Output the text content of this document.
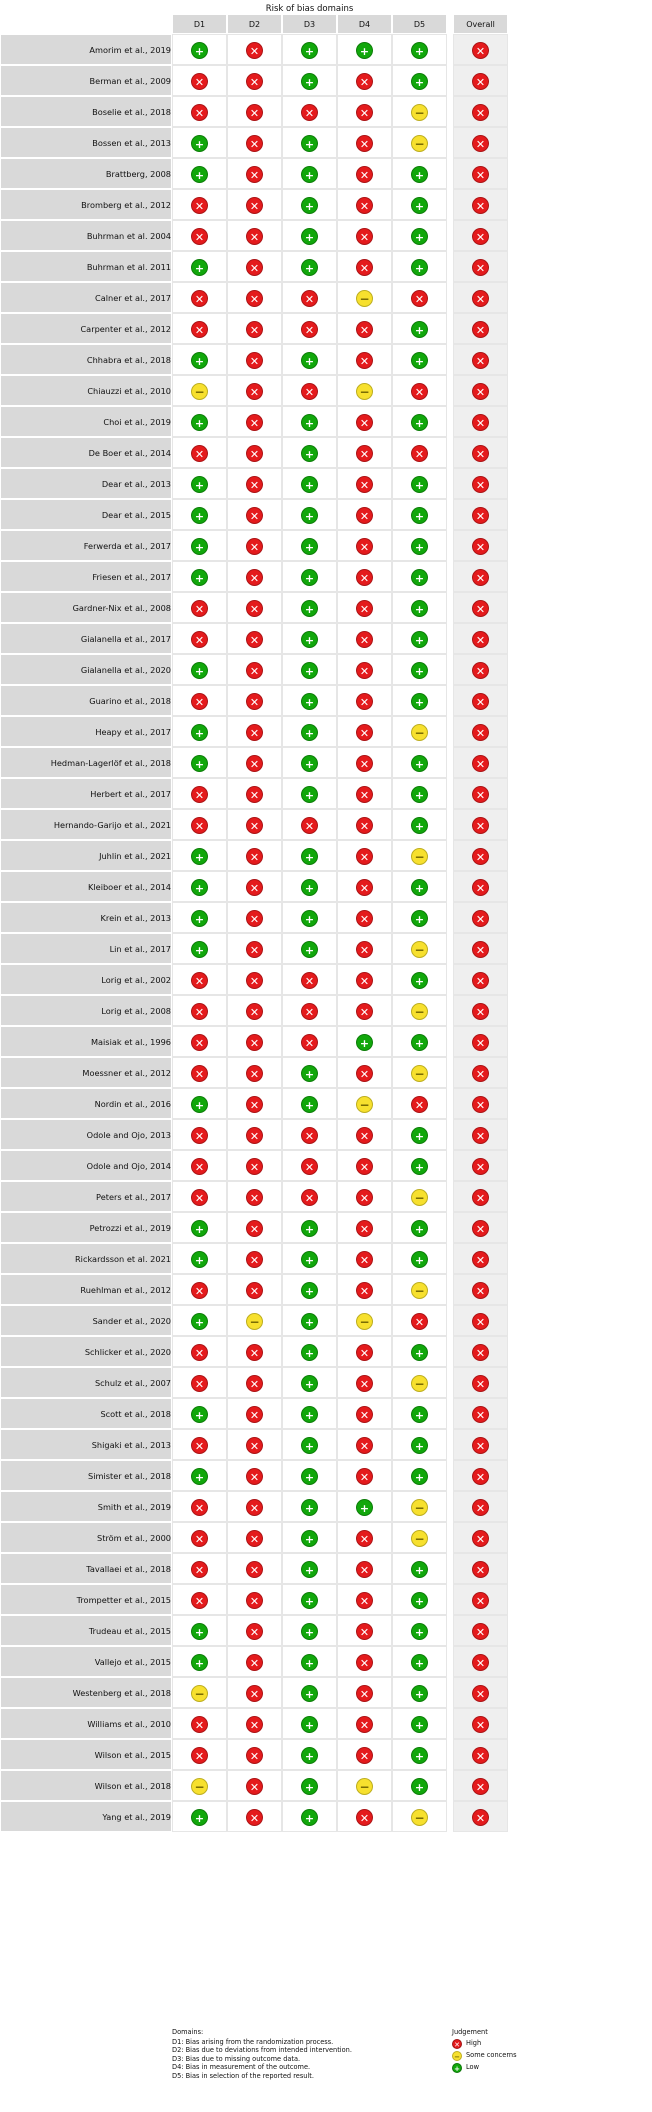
	Risk of bias domains							
	D1	D2	D3	D4	D5		Overall	
Amorim et al., 2019	+	✕	+	+	+		✕	
Berman et al., 2009	✕	✕	+	✕	+		✕	
Boselie et al., 2018	✕	✕	✕	✕	−		✕	
Bossen et al., 2013	+	✕	+	✕	−		✕	
Brattberg, 2008	+	✕	+	✕	+		✕	
Bromberg et al., 2012	✕	✕	+	✕	+		✕	
Buhrman et al. 2004	✕	✕	+	✕	+		✕	
Buhrman et al. 2011	+	✕	+	✕	+		✕	
Calner et al., 2017	✕	✕	✕	−	✕		✕	
Carpenter et al., 2012	✕	✕	✕	✕	+		✕	
Chhabra et al., 2018	+	✕	+	✕	+		✕	
Chiauzzi et al., 2010	−	✕	✕	−	✕		✕	
Choi et al., 2019	+	✕	+	✕	+		✕	
De Boer et al., 2014	✕	✕	+	✕	✕		✕	
Dear et al., 2013	+	✕	+	✕	+		✕	
Dear et al., 2015	+	✕	+	✕	+		✕	
Ferwerda et al., 2017	+	✕	+	✕	+		✕	
Friesen et al., 2017	+	✕	+	✕	+		✕	
Gardner-Nix et al., 2008	✕	✕	+	✕	+		✕	
Gialanella et al., 2017	✕	✕	+	✕	+		✕	
Gialanella et al., 2020	+	✕	+	✕	+		✕	
Guarino et al., 2018	✕	✕	+	✕	+		✕	
Heapy et al., 2017	+	✕	+	✕	−		✕	
Hedman-Lagerlöf et al., 2018	+	✕	+	✕	+		✕	
Herbert et al., 2017	✕	✕	+	✕	+		✕	
Hernando-Garijo et al., 2021	✕	✕	✕	✕	+		✕	
Juhlin et al., 2021	+	✕	+	✕	−		✕	
Kleiboer et al., 2014	+	✕	+	✕	+		✕	
Krein et al., 2013	+	✕	+	✕	+		✕	
Lin et al., 2017	+	✕	+	✕	−		✕	
Lorig et al., 2002	✕	✕	✕	✕	+		✕	
Lorig et al., 2008	✕	✕	✕	✕	−		✕	
Maisiak et al., 1996	✕	✕	✕	+	+		✕	
Moessner et al., 2012	✕	✕	+	✕	−		✕	
Nordin et al., 2016	+	✕	+	−	✕		✕	
Odole and Ojo, 2013	✕	✕	✕	✕	+		✕	
Odole and Ojo, 2014	✕	✕	✕	✕	+		✕	
Peters et al., 2017	✕	✕	✕	✕	−		✕	
Petrozzi et al., 2019	+	✕	+	✕	+		✕	
Rickardsson et al. 2021	+	✕	+	✕	+		✕	
Ruehlman et al., 2012	✕	✕	+	✕	−		✕	
Sander et al., 2020	+	−	+	−	✕		✕	
Schlicker et al., 2020	✕	✕	+	✕	+		✕	
Schulz et al., 2007	✕	✕	+	✕	−		✕	
Scott et al., 2018	+	✕	+	✕	+		✕	
Shigaki et al., 2013	✕	✕	+	✕	+		✕	
Simister et al., 2018	+	✕	+	✕	+		✕	
Smith et al., 2019	✕	✕	+	+	−		✕	
Ström et al., 2000	✕	✕	+	✕	−		✕	
Tavallaei et al., 2018	✕	✕	+	✕	+		✕	
Trompetter et al., 2015	✕	✕	+	✕	+		✕	
Trudeau et al., 2015	+	✕	+	✕	+		✕	
Vallejo et al., 2015	+	✕	+	✕	+		✕	
Westenberg et al., 2018	−	✕	+	✕	+		✕	
Williams et al., 2010	✕	✕	+	✕	+		✕	
Wilson et al., 2015	✕	✕	+	✕	+		✕	
Wilson et al., 2018	−	✕	+	−	+		✕	
Yang et al., 2019	+	✕	+	✕	−		✕	
Domains:
D1: Bias arising from the randomization process.
D2: Bias due to deviations from intended intervention.
D3: Bias due to missing outcome data.
D4: Bias in measurement of the outcome.
D5: Bias in selection of the reported result.
Judgement
✕ High
− Some concerns
+ Low
